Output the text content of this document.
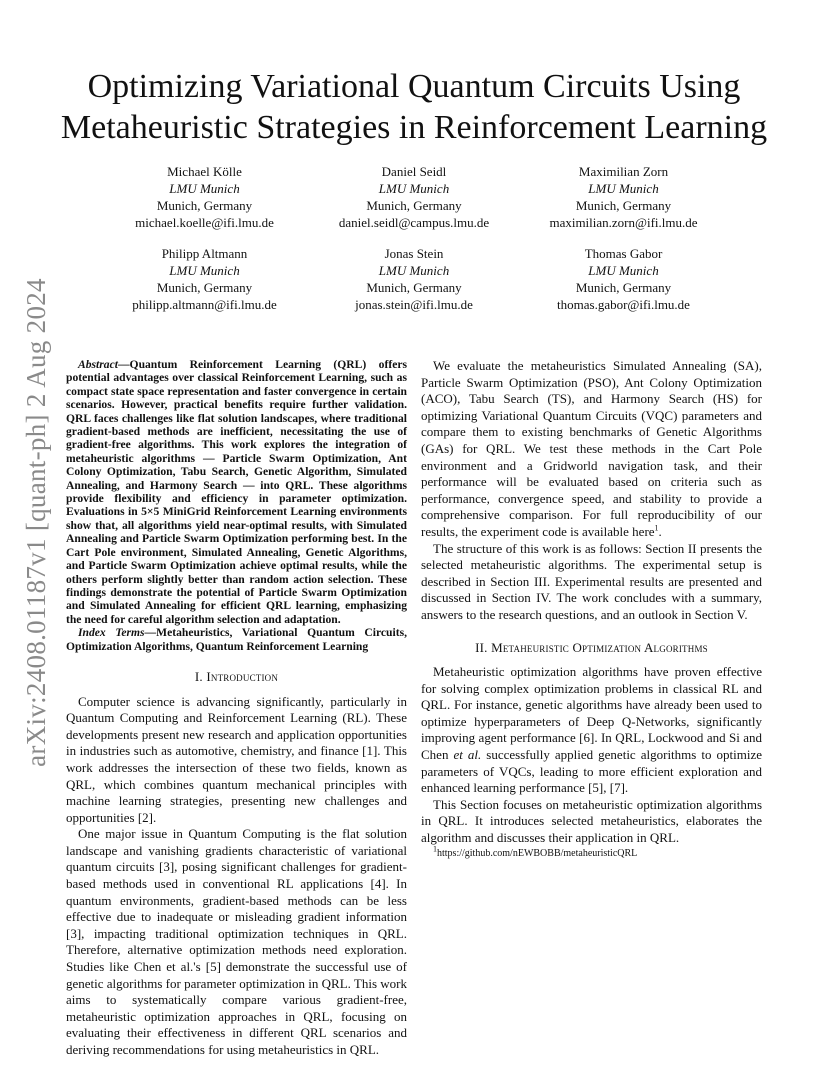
arXiv:2408.01187v1 [quant-ph] 2 Aug 2024
Optimizing Variational Quantum Circuits Using Metaheuristic Strategies in Reinforcement Learning
Michael Kölle
LMU Munich
Munich, Germany
michael.koelle@ifi.lmu.de
Daniel Seidl
LMU Munich
Munich, Germany
daniel.seidl@campus.lmu.de
Maximilian Zorn
LMU Munich
Munich, Germany
maximilian.zorn@ifi.lmu.de
Philipp Altmann
LMU Munich
Munich, Germany
philipp.altmann@ifi.lmu.de
Jonas Stein
LMU Munich
Munich, Germany
jonas.stein@ifi.lmu.de
Thomas Gabor
LMU Munich
Munich, Germany
thomas.gabor@ifi.lmu.de

Abstract—Quantum Reinforcement Learning (QRL) offers potential advantages over classical Reinforcement Learning, such as compact state space representation and faster convergence in certain scenarios. However, practical benefits require further validation. QRL faces challenges like flat solution landscapes, where traditional gradient-based methods are inefficient, necessitating the use of gradient-free algorithms. This work explores the integration of metaheuristic algorithms — Particle Swarm Optimization, Ant Colony Optimization, Tabu Search, Genetic Algorithm, Simulated Annealing, and Harmony Search — into QRL. These algorithms provide flexibility and efficiency in parameter optimization. Evaluations in 5×5 MiniGrid Reinforcement Learning environments show that, all algorithms yield near-optimal results, with Simulated Annealing and Particle Swarm Optimization performing best. In the Cart Pole environment, Simulated Annealing, Genetic Algorithms, and Particle Swarm Optimization achieve optimal results, while the others perform slightly better than random action selection. These findings demonstrate the potential of Particle Swarm Optimization and Simulated Annealing for efficient QRL learning, emphasizing the need for careful algorithm selection and adaptation.

Index Terms—Metaheuristics, Variational Quantum Circuits, Optimization Algorithms, Quantum Reinforcement Learning

I. Introduction

Computer science is advancing significantly, particularly in Quantum Computing and Reinforcement Learning (RL). These developments present new research and application opportunities in industries such as automotive, chemistry, and finance [1]. This work addresses the intersection of these two fields, known as QRL, which combines quantum mechanical principles with machine learning strategies, presenting new challenges and opportunities [2].

One major issue in Quantum Computing is the flat solution landscape and vanishing gradients characteristic of variational quantum circuits [3], posing significant challenges for gradient-based methods used in conventional RL applications [4]. In quantum environments, gradient-based methods can be less effective due to inadequate or misleading gradient information [3], impacting traditional optimization techniques in QRL. Therefore, alternative optimization methods need exploration. Studies like Chen et al.'s [5] demonstrate the successful use of genetic algorithms for parameter optimization in QRL. This work aims to systematically compare various gradient-free, metaheuristic optimization approaches in QRL, focusing on evaluating their effectiveness in different QRL scenarios and deriving recommendations for using metaheuristics in QRL.

We evaluate the metaheuristics Simulated Annealing (SA), Particle Swarm Optimization (PSO), Ant Colony Optimization (ACO), Tabu Search (TS), and Harmony Search (HS) for optimizing Variational Quantum Circuits (VQC) parameters and compare them to existing benchmarks of Genetic Algorithms (GAs) for QRL. We test these methods in the Cart Pole environment and a Gridworld navigation task, and their performance will be evaluated based on criteria such as performance, convergence speed, and stability to provide a comprehensive comparison. For full reproducibility of our results, the experiment code is available here$^1$.

The structure of this work is as follows: Section II presents the selected metaheuristic algorithms. The experimental setup is described in Section III. Experimental results are presented and discussed in Section IV. The work concludes with a summary, answers to the research questions, and an outlook in Section V.

II. Metaheuristic Optimization Algorithms

Metaheuristic optimization algorithms have proven effective for solving complex optimization problems in classical RL and QRL. For instance, genetic algorithms have already been used to optimize hyperparameters of Deep Q-Networks, significantly improving agent performance [6]. In QRL, Lockwood and Si and Chen et al. successfully applied genetic algorithms to optimize parameters of VQCs, leading to more efficient exploration and enhanced learning performance [5], [7].

This Section focuses on metaheuristic optimization algorithms in QRL. It introduces selected metaheuristics, elaborates the algorithm and discusses their application in QRL.

$^1$https://github.com/nEWBOBB/metaheuristicQRL
